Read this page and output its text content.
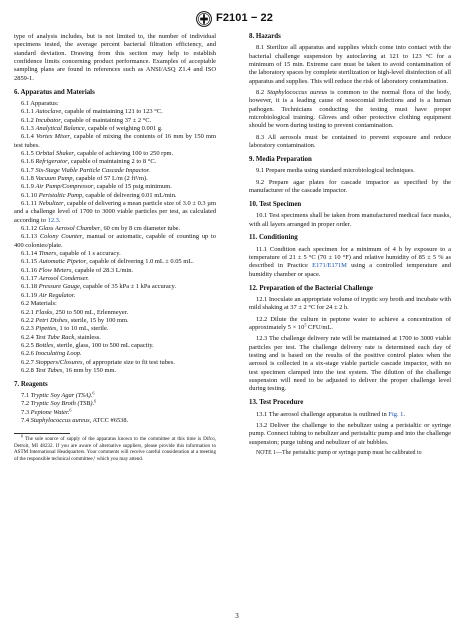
F2101 − 22

type of analysis includes, but is not limited to, the number of individual specimens tested, the average percent bacterial filtration efficiency, and standard deviation. Drawing from this section may help to establish confidence limits concerning product performance. Examples of acceptable sampling plans are found in references such as ANSI/ASQ Z1.4 and ISO 2859-1.

6. Apparatus and Materials

6.1 Apparatus:

6.1.1 Autoclave, capable of maintaining 121 to 123 °C.

6.1.2 Incubator, capable of maintaining 37 ± 2 °C.

6.1.3 Analytical Balance, capable of weighing 0.001 g.

6.1.4 Vortex Mixer, capable of mixing the contents of 16 mm by 150 mm test tubes.

6.1.5 Orbital Shaker, capable of achieving 100 to 250 rpm.

6.1.6 Refrigerator, capable of maintaining 2 to 8 °C.

6.1.7 Six-Stage Viable Particle Cascade Impactor.

6.1.8 Vacuum Pump, capable of 57 L/m (2 ft³/m).

6.1.9 Air Pump/Compressor, capable of 15 psig minimum.

6.1.10 Peristaltic Pump, capable of delivering 0.01 mL/min.

6.1.11 Nebulizer, capable of delivering a mean particle size of 3.0 ± 0.3 µm and a challenge level of 1700 to 3000 viable particles per test, as calculated according to 12.3.

6.1.12 Glass Aerosol Chamber, 60 cm by 8 cm diameter tube.

6.1.13 Colony Counter, manual or automatic, capable of counting up to 400 colonies/plate.

6.1.14 Timers, capable of 1 s accuracy.

6.1.15 Automatic Pipetor, capable of delivering 1.0 mL ± 0.05 mL.

6.1.16 Flow Meters, capable of 28.3 L/min.

6.1.17 Aerosol Condenser.

6.1.18 Pressure Gauge, capable of 35 kPa ± 1 kPa accuracy.

6.1.19 Air Regulator.

6.2 Materials:

6.2.1 Flasks, 250 to 500 mL, Erlenmeyer.

6.2.2 Petri Dishes, sterile, 15 by 100 mm.

6.2.3 Pipettes, 1 to 10 mL, sterile.

6.2.4 Test Tube Rack, stainless.

6.2.5 Bottles, sterile, glass, 100 to 500 mL capacity.

6.2.6 Inoculating Loop.

6.2.7 Stoppers/Closures, of appropriate size to fit test tubes.

6.2.8 Test Tubes, 16 mm by 150 mm.

7. Reagents

7.1 Tryptic Soy Agar (TSA).$^6$

7.2 Tryptic Soy Broth (TSB).$^6$

7.3 Peptone Water.$^6$

7.4 Staphylococcus aureus, ATCC #6538.

$^6$ The sole source of supply of the apparatus known to the committee at this time is Difco, Detroit, MI 48232. If you are aware of alternative suppliers, please provide this information to ASTM International Headquarters. Your comments will receive careful consideration at a meeting of the responsible technical committee,¹ which you may attend.

8. Hazards

8.1 Sterilize all apparatus and supplies which come into contact with the bacterial challenge suspension by autoclaving at 121 to 123 °C for a minimum of 15 min. Extreme care must be taken to avoid contamination of the laboratory spaces by complete sterilization or high-level disinfection of all apparatus and supplies. This will reduce the risk of laboratory contamination.

8.2 Staphylococcus aureus is common to the normal flora of the body, however, it is a leading cause of nosocomial infections and is a human pathogen. Technicians conducting the testing must have proper microbiological training. Gloves and other protective clothing equipment should be worn during testing to prevent contamination.

8.3 All aerosols must be contained to prevent exposure and reduce laboratory contamination.

9. Media Preparation

9.1 Prepare media using standard microbiological techniques.

9.2 Prepare agar plates for cascade impactor as specified by the manufacturer of the cascade impactor.

10. Test Specimen

10.1 Test specimens shall be taken from manufactured medical face masks, with all layers arranged in proper order.

11. Conditioning

11.1 Condition each specimen for a minimum of 4 h by exposure to a temperature of 21 ± 5 °C (70 ± 10 °F) and relative humidity of 85 ± 5 % as described in Practice E171/E171M using a controlled temperature and humidity chamber or space.

12. Preparation of the Bacterial Challenge

12.1 Inoculate an appropriate volume of tryptic soy broth and incubate with mild shaking at 37 ± 2 °C for 24 ± 2 h.

12.2 Dilute the culture in peptone water to achieve a concentration of approximately $5 \times 10^5$ CFU/mL.

12.3 The challenge delivery rate will be maintained at 1700 to 3000 viable particles per test. The challenge delivery rate is determined each day of testing and is based on the results of the positive control plates when the aerosol is collected in a six-stage viable particle cascade impactor, with no test specimen clamped into the test system. The dilution of the challenge suspension will need to be adjusted to deliver the proper challenge level during testing.

13. Test Procedure

13.1 The aerosol challenge apparatus is outlined in Fig. 1.

13.2 Deliver the challenge to the nebulizer using a peristaltic or syringe pump. Connect tubing to nebulizer and peristaltic pump and into the challenge suspension; purge tubing and nebulizer of air bubbles.

NOTE 1—The peristaltic pump or syringe pump must be calibrated to

3
